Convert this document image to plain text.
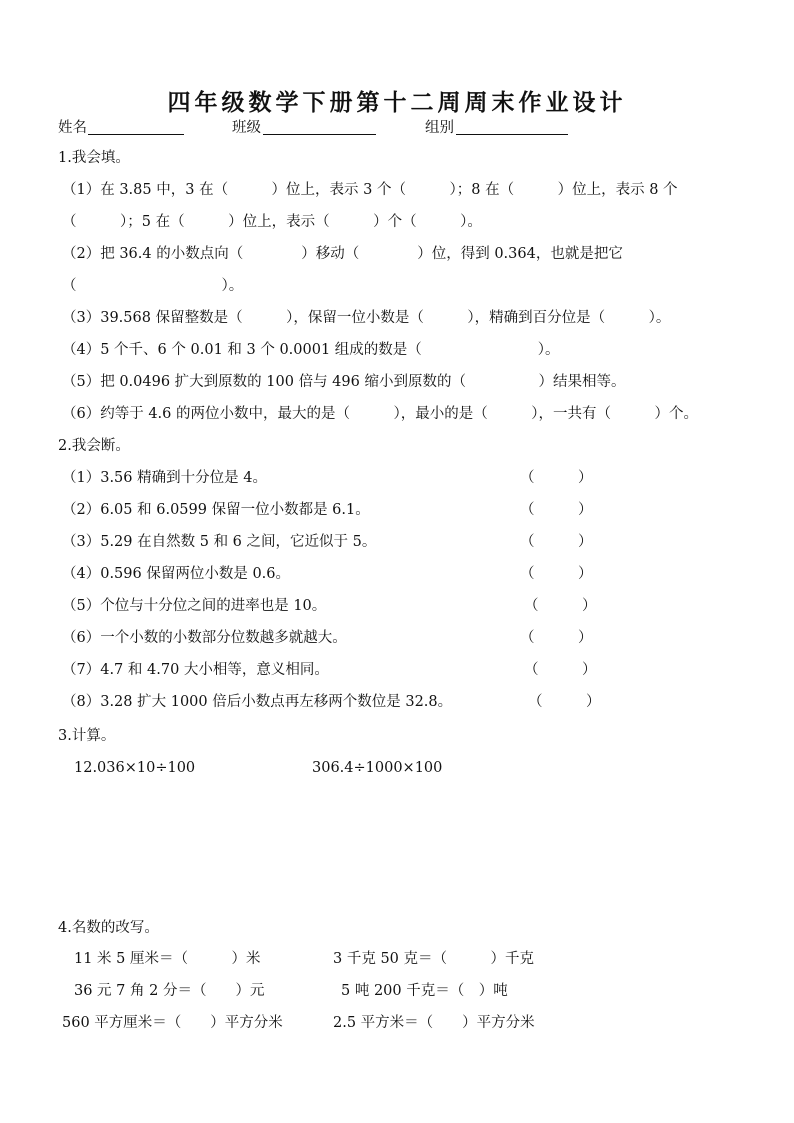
四年级数学下册第十二周周末作业设计
姓名	班级	组别
1.我会填。
（1）在 3.85 中，3 在（　　　）位上，表示 3 个（　　　）；8 在（　　　）位上，表示 8 个
（　　　）；5 在（　　　）位上，表示（　　　）个（　　　）。
（2）把 36.4 的小数点向（　　　　）移动（　　　　）位，得到 0.364，也就是把它
（　　　　　　　　　　）。
（3）39.568 保留整数是（　　　），保留一位小数是（　　　），精确到百分位是（　　　）。
（4）5 个千、6 个 0.01 和 3 个 0.0001 组成的数是（　　　　　　　　）。
（5）把 0.0496 扩大到原数的 100 倍与 496 缩小到原数的（　　　　　）结果相等。
（6）约等于 4.6 的两位小数中，最大的是（　　　），最小的是（　　　），一共有（　　　）个。
2.我会断。
（1）3.56 精确到十分位是 4。	（　　　）
（2）6.05 和 6.0599 保留一位小数都是 6.1。	（　　　）
（3）5.29 在自然数 5 和 6 之间，它近似于 5。	（　　　）
（4）0.596 保留两位小数是 0.6。	（　　　）
（5）个位与十分位之间的进率也是 10。	（　　　）
（6）一个小数的小数部分位数越多就越大。	（　　　）
（7）4.7 和 4.70 大小相等，意义相同。	（　　　）
（8）3.28 扩大 1000 倍后小数点再左移两个数位是 32.8。	（　　　）
3.计算。
12.036×10÷100	306.4÷1000×100
4.名数的改写。
11 米 5 厘米＝（　　　）米	3 千克 50 克＝（　　　）千克
36 元 7 角 2 分＝（　　）元	5 吨 200 千克＝（　）吨
560 平方厘米＝（　　）平方分米	2.5 平方米＝（　　）平方分米
